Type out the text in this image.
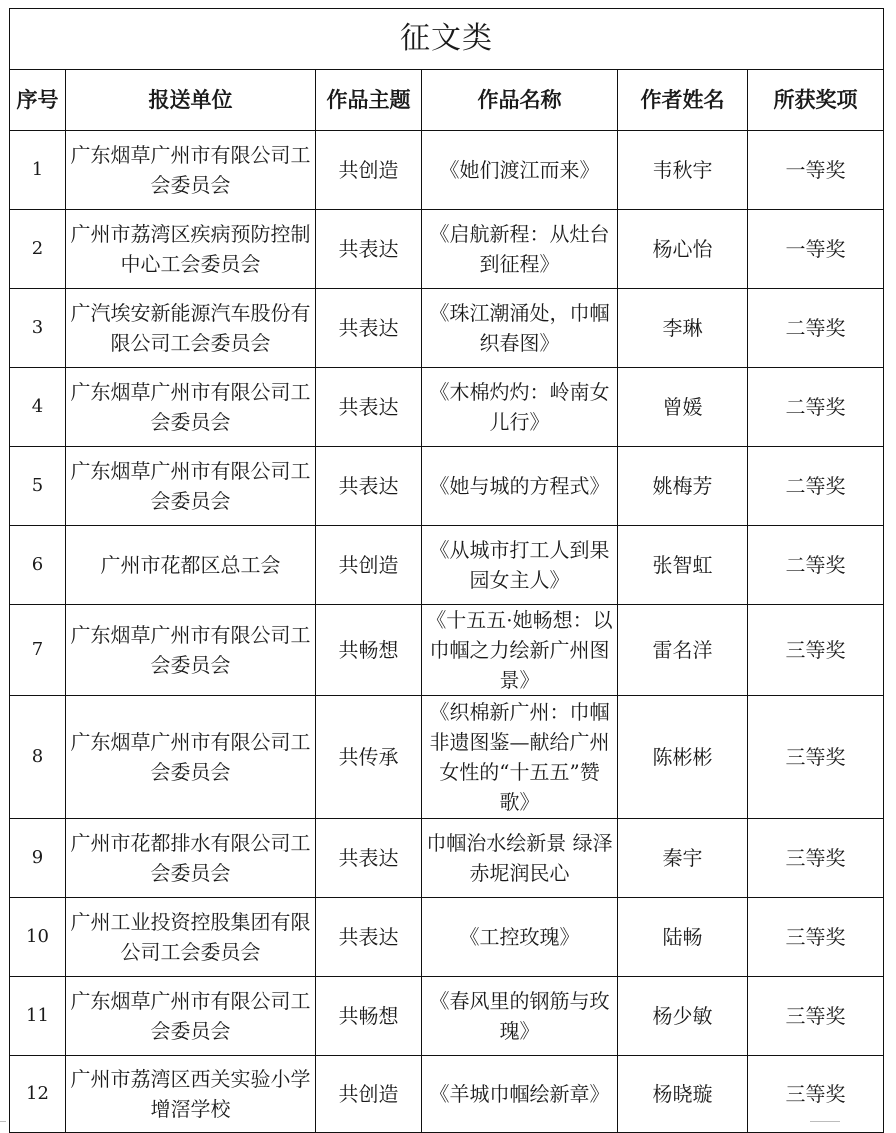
征文类					
序号	报送单位	作品主题	作品名称	作者姓名	所获奖项
1	广东烟草广州市有限公司工会委员会	共创造	《她们渡江而来》	韦秋宇	一等奖
2	广州市荔湾区疾病预防控制中心工会委员会	共表达	《启航新程：从灶台到征程》	杨心怡	一等奖
3	广汽埃安新能源汽车股份有限公司工会委员会	共表达	《珠江潮涌处，巾帼织春图》	李琳	二等奖
4	广东烟草广州市有限公司工会委员会	共表达	《木棉灼灼：岭南女儿行》	曾媛	二等奖
5	广东烟草广州市有限公司工会委员会	共表达	《她与城的方程式》	姚梅芳	二等奖
6	广州市花都区总工会	共创造	《从城市打工人到果园女主人》	张智虹	二等奖
7	广东烟草广州市有限公司工会委员会	共畅想	《十五五·她畅想：以巾帼之力绘新广州图景》	雷名洋	三等奖
8	广东烟草广州市有限公司工会委员会	共传承	《织棉新广州：巾帼非遗图鉴—献给广州女性的“十五五”赞歌》	陈彬彬	三等奖
9	广州市花都排水有限公司工会委员会	共表达	巾帼治水绘新景 绿泽赤坭润民心	秦宇	三等奖
10	广州工业投资控股集团有限公司工会委员会	共表达	《工控玫瑰》	陆畅	三等奖
11	广东烟草广州市有限公司工会委员会	共畅想	《春风里的钢筋与玫瑰》	杨少敏	三等奖
12	广州市荔湾区西关实验小学增滘学校	共创造	《羊城巾帼绘新章》	杨晓璇	三等奖
